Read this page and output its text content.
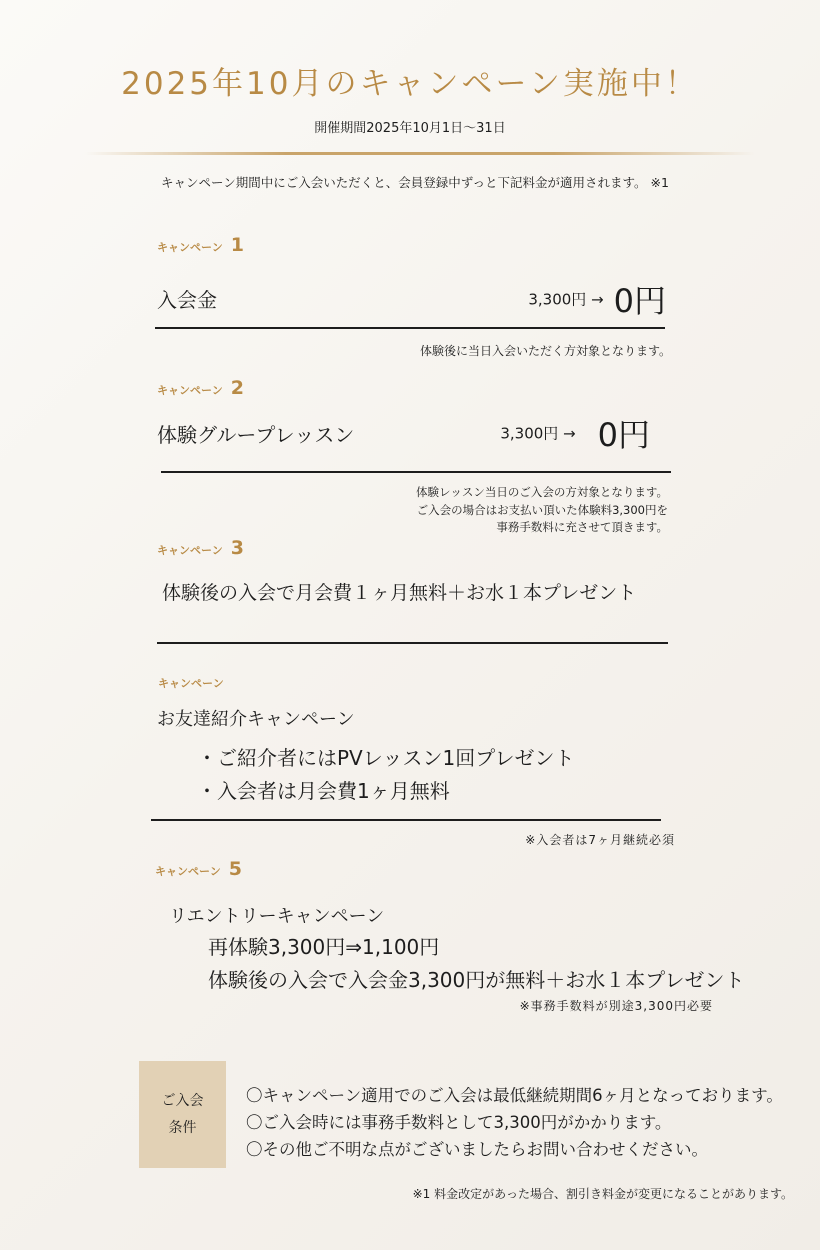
2025年10月のキャンペーン実施中！
開催期間2025年10月1日〜31日
キャンペーン期間中にご入会いただくと、会員登録中ずっと下記料金が適用されます。 ※1
キャンペーン 1
入会金	3,300円 → 0円
体験後に当日入会いただく方対象となります。
キャンペーン 2
体験グループレッスン	3,300円 → 0円
体験レッスン当日のご入会の方対象となります。
ご入会の場合はお支払い頂いた体験料3,300円を
事務手数料に充させて頂きます。
キャンペーン 3
体験後の入会で月会費１ヶ月無料＋お水１本プレゼント
キャンペーン
お友達紹介キャンペーン
・ご紹介者にはPVレッスン1回プレゼント
・入会者は月会費1ヶ月無料
※入会者は7ヶ月継続必須
キャンペーン 5
リエントリーキャンペーン
再体験3,300円⇒1,100円
体験後の入会で入会金3,300円が無料＋お水１本プレゼント
※事務手数料が別途3,300円必要
ご入会
条件
〇キャンペーン適用でのご入会は最低継続期間6ヶ月となっております。
〇ご入会時には事務手数料として3,300円がかかります。
〇その他ご不明な点がございましたらお問い合わせください。
※1 料金改定があった場合、割引き料金が変更になることがあります。
